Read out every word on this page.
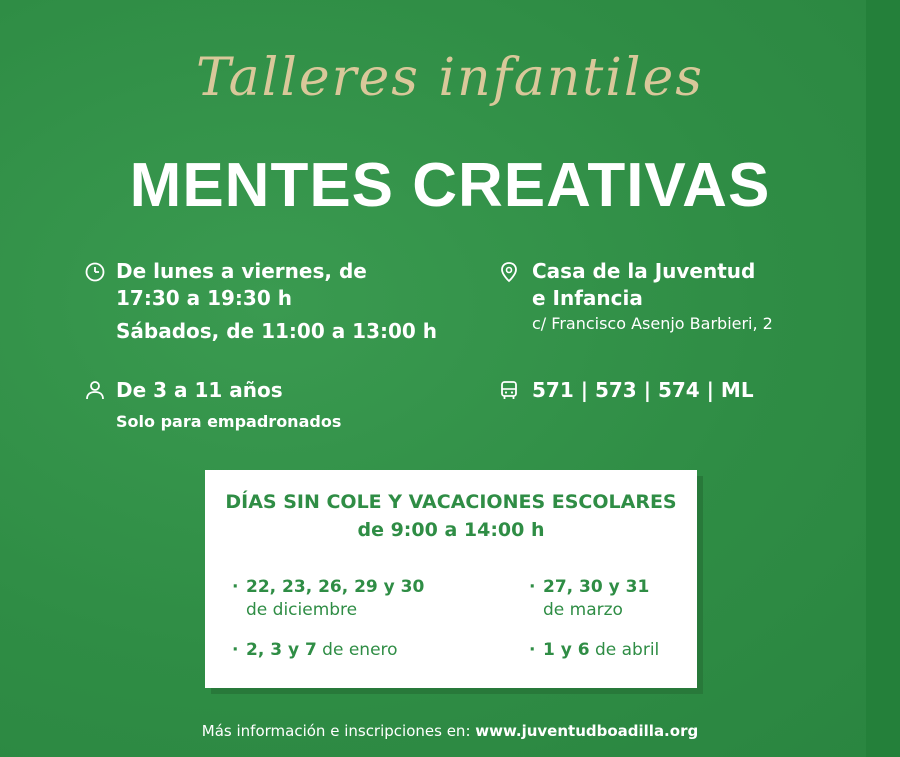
Talleres infantiles
MENTES CREATIVAS
De lunes a viernes, de
17:30 a 19:30 h
Sábados, de 11:00 a 13:00 h
Casa de la Juventud
e Infancia
c/ Francisco Asenjo Barbieri, 2
De 3 a 11 años
Solo para empadronados
571 | 573 | 574 | ML
DÍAS SIN COLE Y VACACIONES ESCOLARES
de 9:00 a 14:00 h
· 22, 23, 26, 29 y 30
de diciembre
· 2, 3 y 7 de enero
· 27, 30 y 31
de marzo
· 1 y 6 de abril
Más información e inscripciones en: www.juventudboadilla.org
